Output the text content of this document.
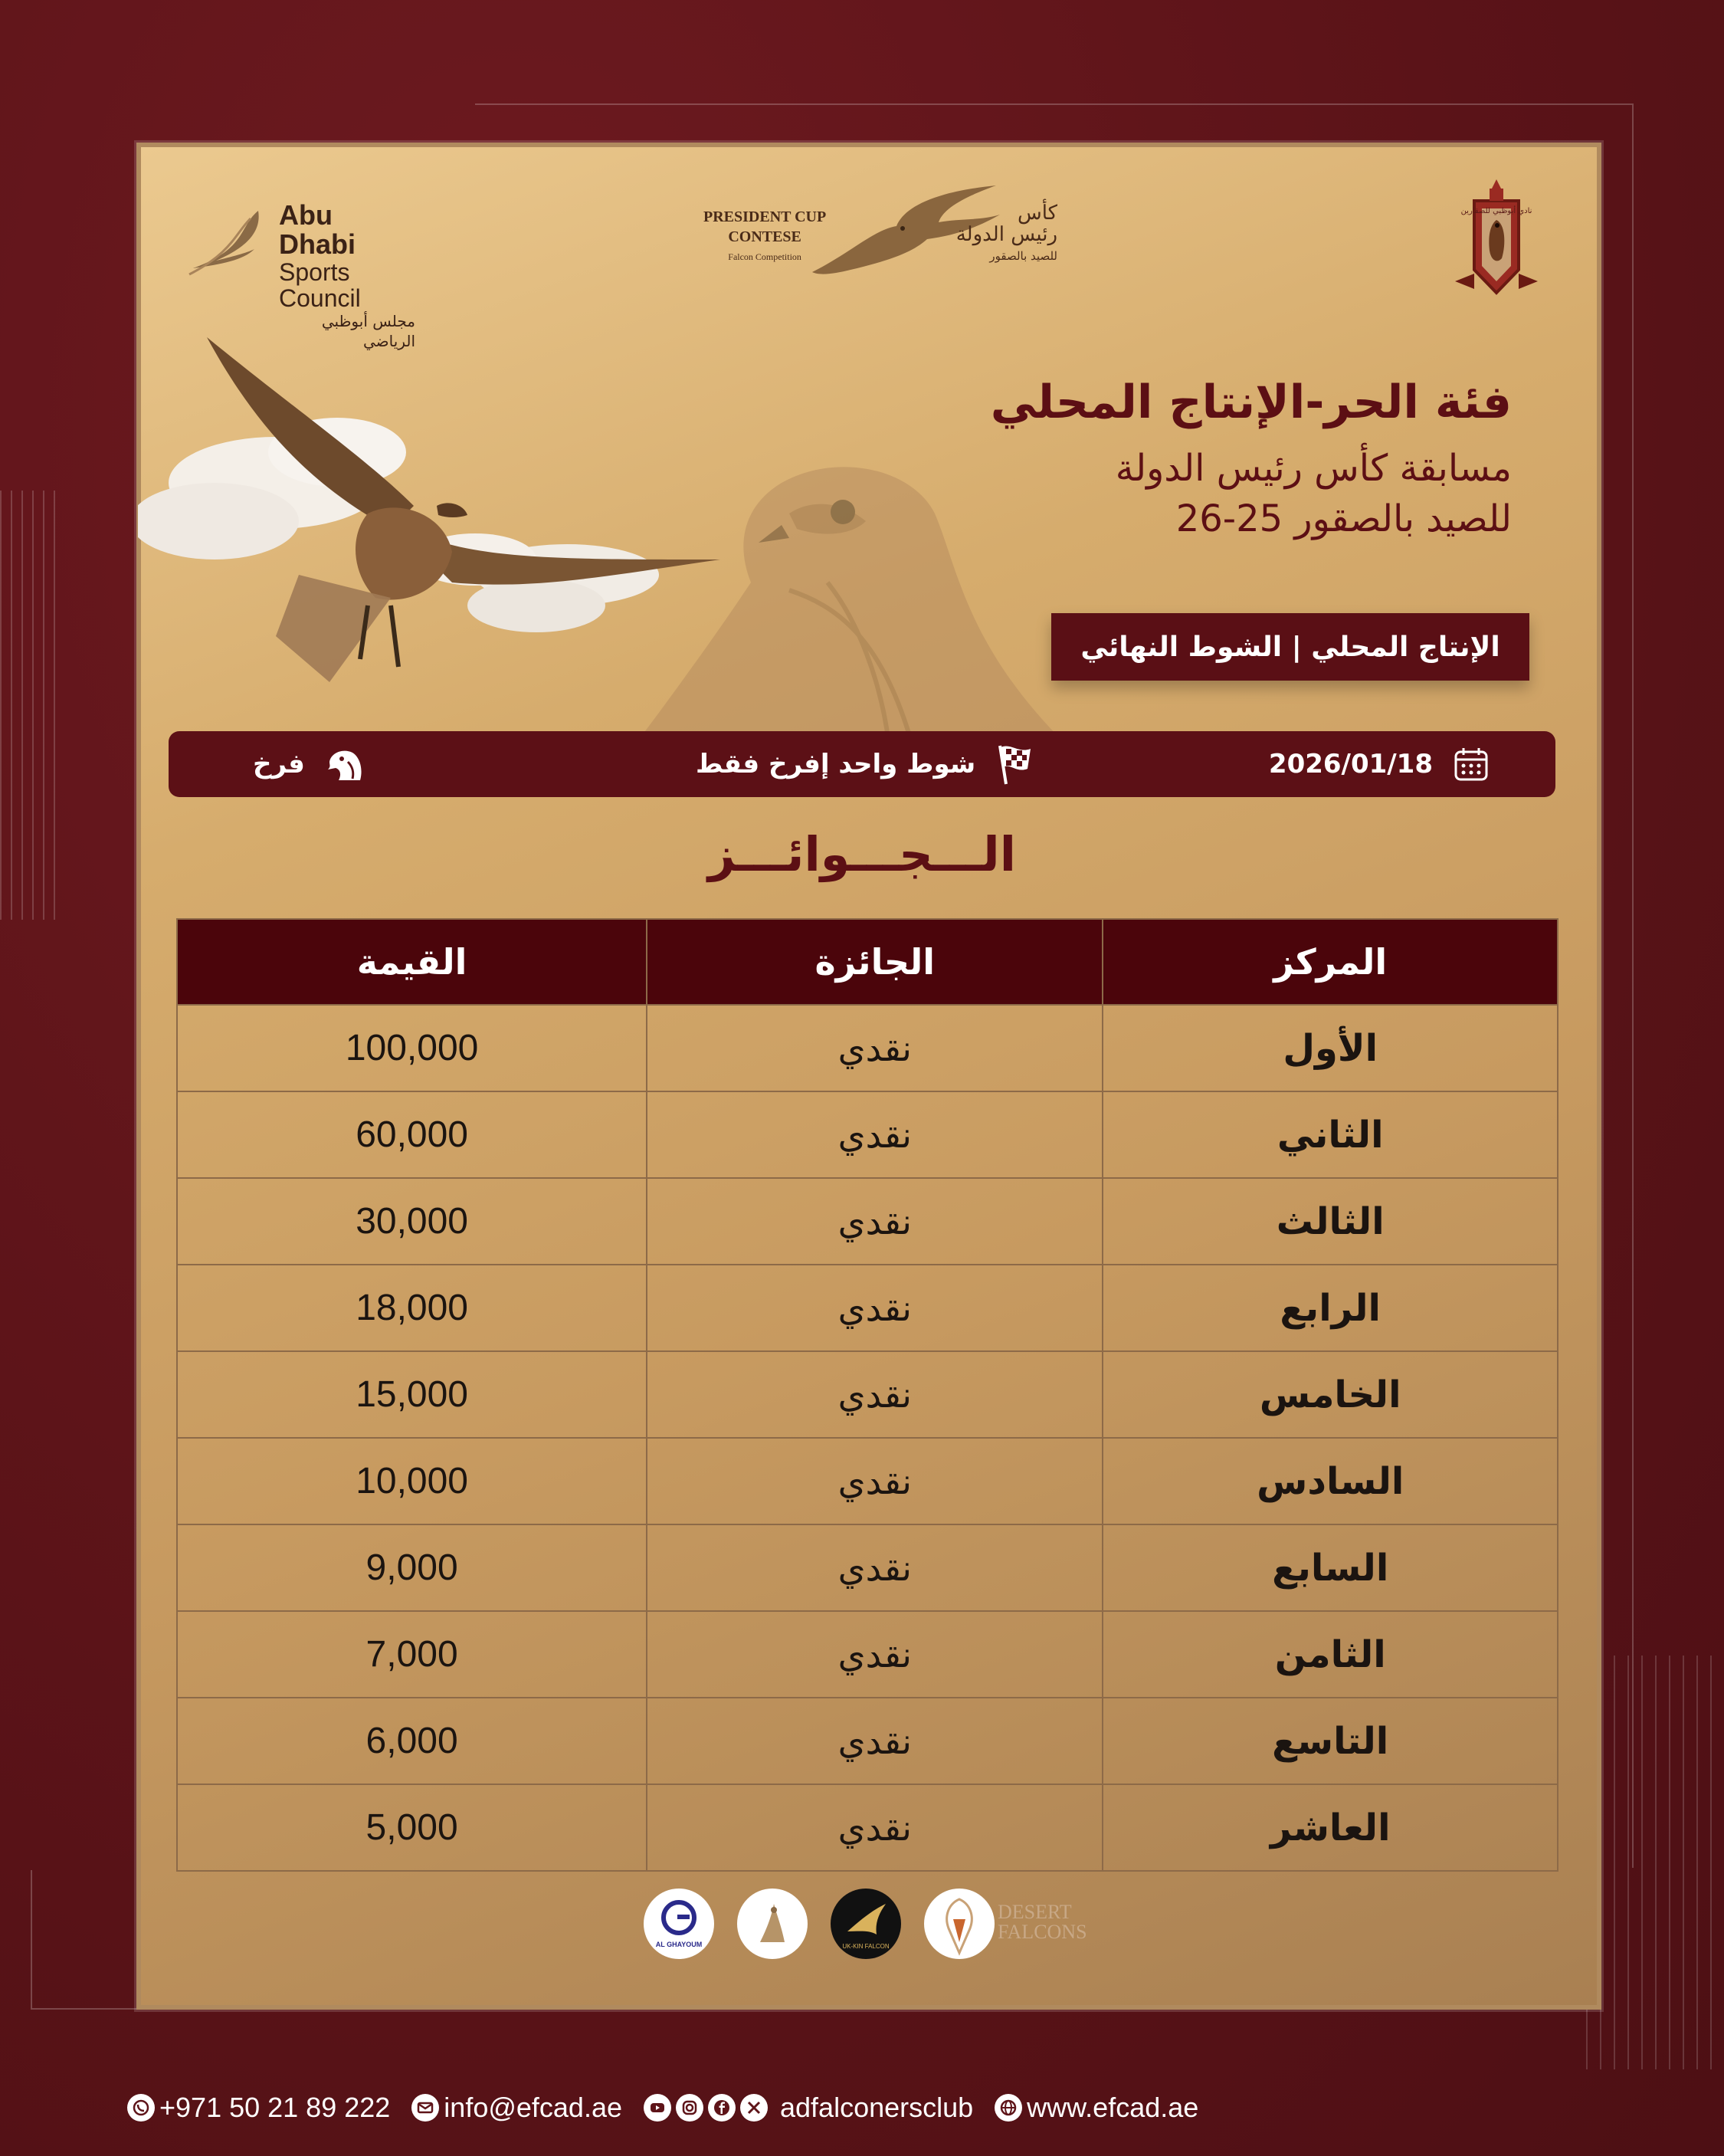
Abu Dhabi
Sports Council
مجلس أبوظبي الرياضي
PRESIDENT CUP
CONTESE
Falcon Competition
كأس
رئيس الدولة
للصيد بالصقور
نادي أبوظبي للصقارين
فئة الحر-الإنتاج المحلي
مسابقة كأس رئيس الدولة
للصيد بالصقور 25-26
الإنتاج المحلي | الشوط النهائي
2026/01/18
شوط واحد إفرخ فقط
فرخ
الـــجـــوائـــز
المركز	الجائزة	القيمة
الأول	نقدي	100,000
الثاني	نقدي	60,000
الثالث	نقدي	30,000
الرابع	نقدي	18,000
الخامس	نقدي	15,000
السادس	نقدي	10,000
السابع	نقدي	9,000
الثامن	نقدي	7,000
التاسع	نقدي	6,000
العاشر	نقدي	5,000
AL GHAYOUM	UK-KIN FALCON
DESERT
FALCONS
+971 50 21 89 222 info@efcad.ae	adfalconersclub www.efcad.ae
